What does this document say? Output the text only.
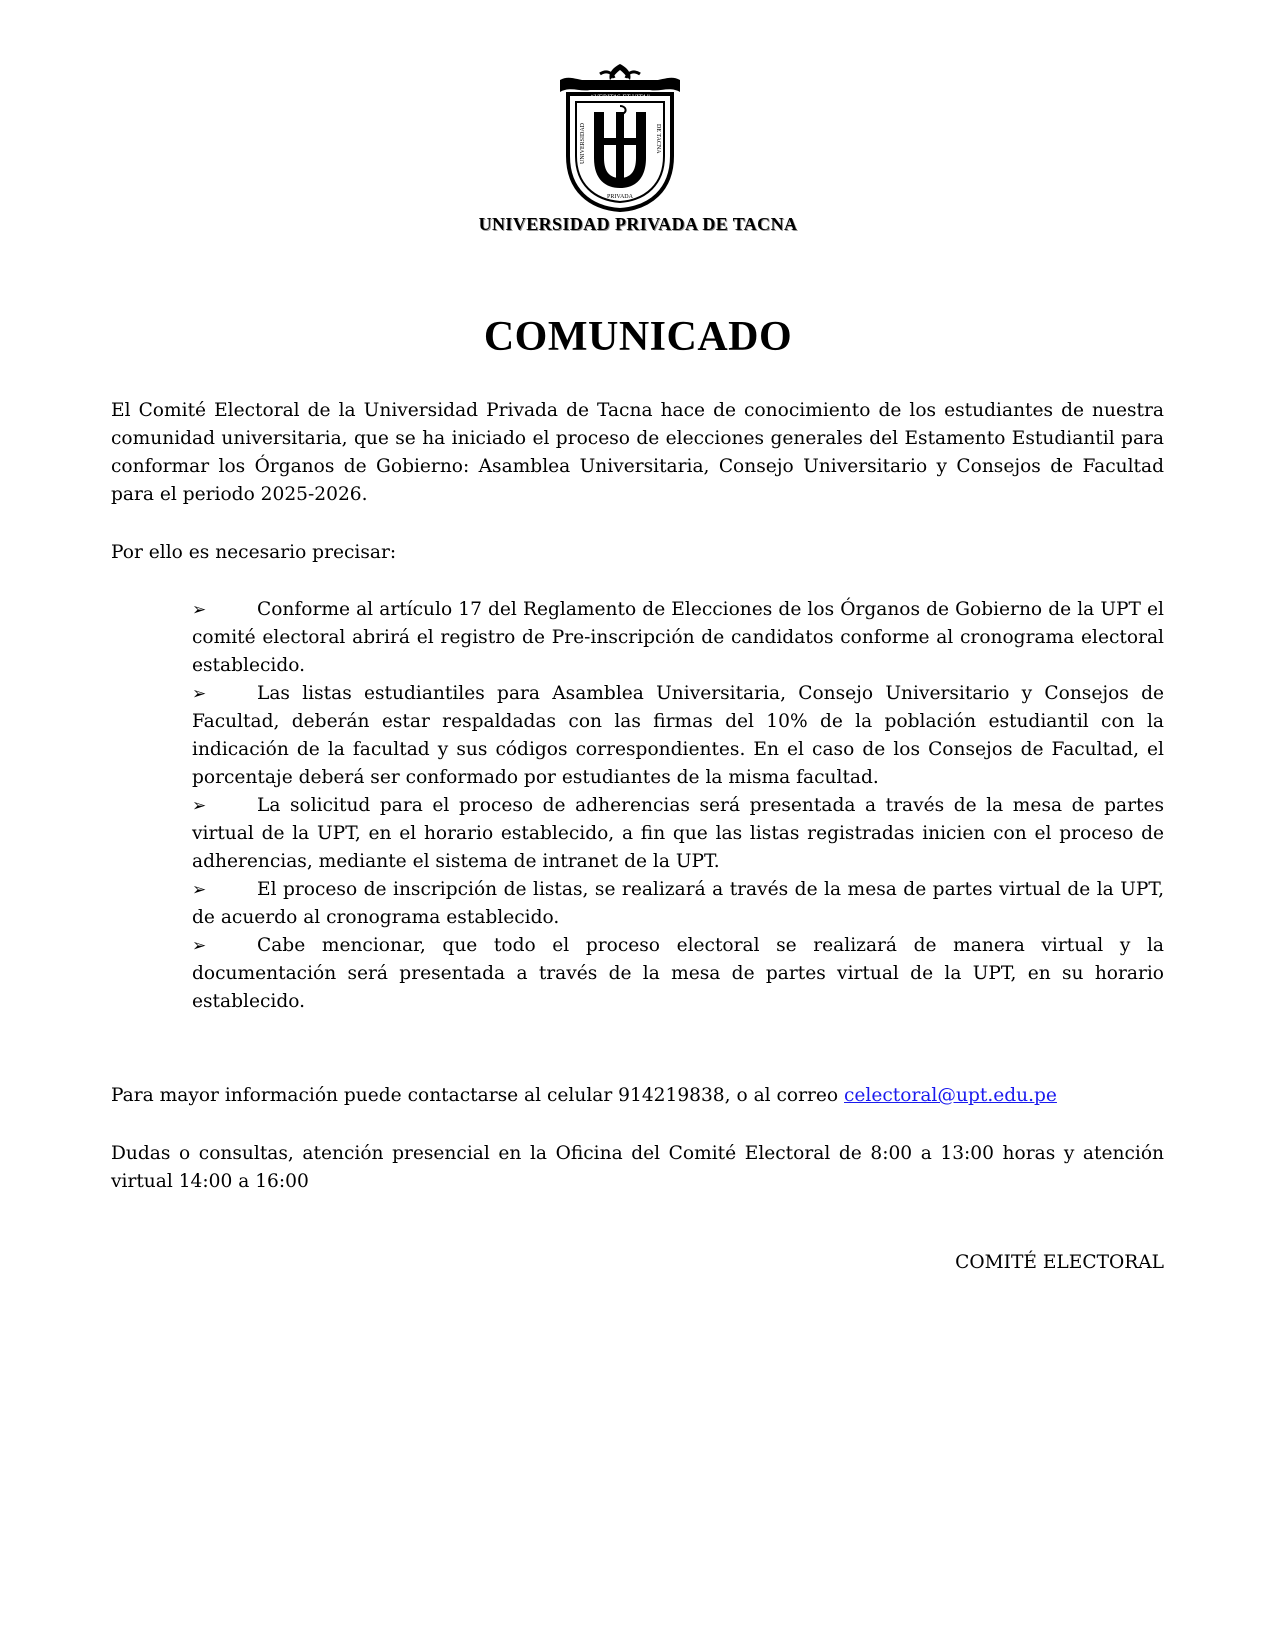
“VERITAS ET VITA”
UNIVERSIDAD	DE TACNA
PRIVADA
UNIVERSIDAD PRIVADA DE TACNA
COMUNICADO

El Comité Electoral de la Universidad Privada de Tacna hace de conocimiento de los estudiantes de nuestra comunidad universitaria, que se ha iniciado el proceso de elecciones generales del Estamento Estudiantil para conformar los Órganos de Gobierno: Asamblea Universitaria, Consejo Universitario y Consejos de Facultad para el periodo 2025-2026.

Por ello es necesario precisar:

➢	Conforme al artículo 17 del Reglamento de Elecciones de los Órganos de Gobierno de la UPT el comité electoral abrirá el registro de Pre-inscripción de candidatos conforme al cronograma electoral establecido.
➢	Las listas estudiantiles para Asamblea Universitaria, Consejo Universitario y Consejos de Facultad, deberán estar respaldadas con las firmas del 10% de la población estudiantil con la indicación de la facultad y sus códigos correspondientes. En el caso de los Consejos de Facultad, el porcentaje deberá ser conformado por estudiantes de la misma facultad.
➢	La solicitud para el proceso de adherencias será presentada a través de la mesa de partes virtual de la UPT, en el horario establecido, a fin que las listas registradas inicien con el proceso de adherencias, mediante el sistema de intranet de la UPT.
➢	El proceso de inscripción de listas, se realizará a través de la mesa de partes virtual de la UPT, de acuerdo al cronograma establecido.
➢	Cabe mencionar, que todo el proceso electoral se realizará de manera virtual y la documentación será presentada a través de la mesa de partes virtual de la UPT, en su horario establecido.

Para mayor información puede contactarse al celular 914219838, o al correo celectoral@upt.edu.pe

Dudas o consultas, atención presencial en la Oficina del Comité Electoral de 8:00 a 13:00 horas y atención virtual 14:00 a 16:00

COMITÉ ELECTORAL
